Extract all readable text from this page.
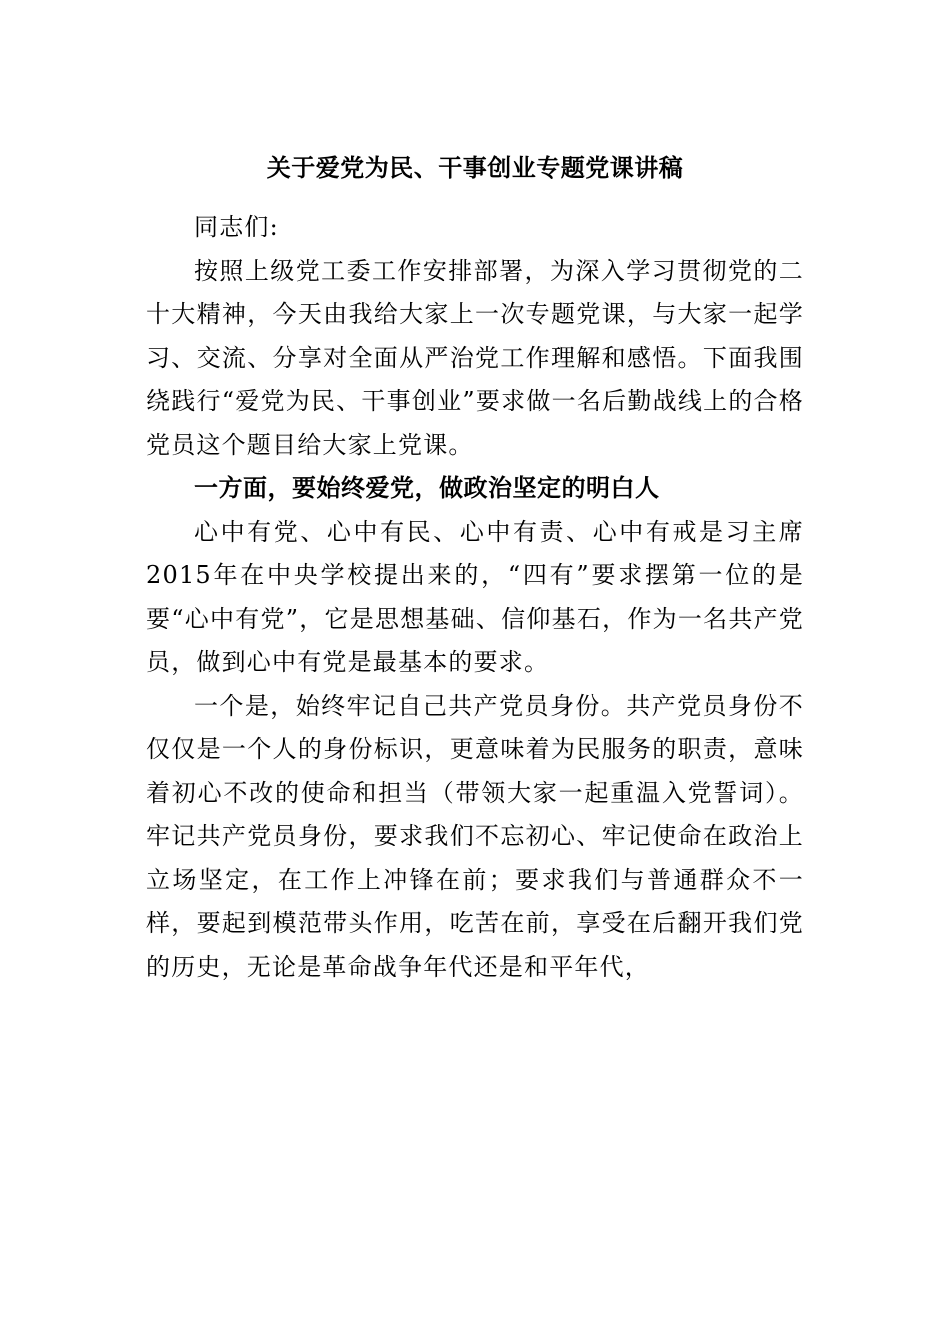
关于爱党为民、干事创业专题党课讲稿

同志们:

按照上级党工委工作安排部署，为深入学习贯彻党的二十大精神，今天由我给大家上一次专题党课，与大家一起学习、交流、分享对全面从严治党工作理解和感悟。下面我围绕践行“爱党为民、干事创业”要求做一名后勤战线上的合格党员这个题目给大家上党课。

一方面，要始终爱党，做政治坚定的明白人

心中有党、心中有民、心中有责、心中有戒是习主席2015年在中央学校提出来的，“四有”要求摆第一位的是要“心中有党”，它是思想基础、信仰基石，作为一名共产党员，做到心中有党是最基本的要求。

一个是，始终牢记自己共产党员身份。共产党员身份不仅仅是一个人的身份标识，更意味着为民服务的职责，意味着初心不改的使命和担当（带领大家一起重温入党誓词）。牢记共产党员身份，要求我们不忘初心、牢记使命在政治上立场坚定，在工作上冲锋在前；要求我们与普通群众不一样，要起到模范带头作用，吃苦在前，享受在后翻开我们党的历史，无论是革命战争年代还是和平年代，
